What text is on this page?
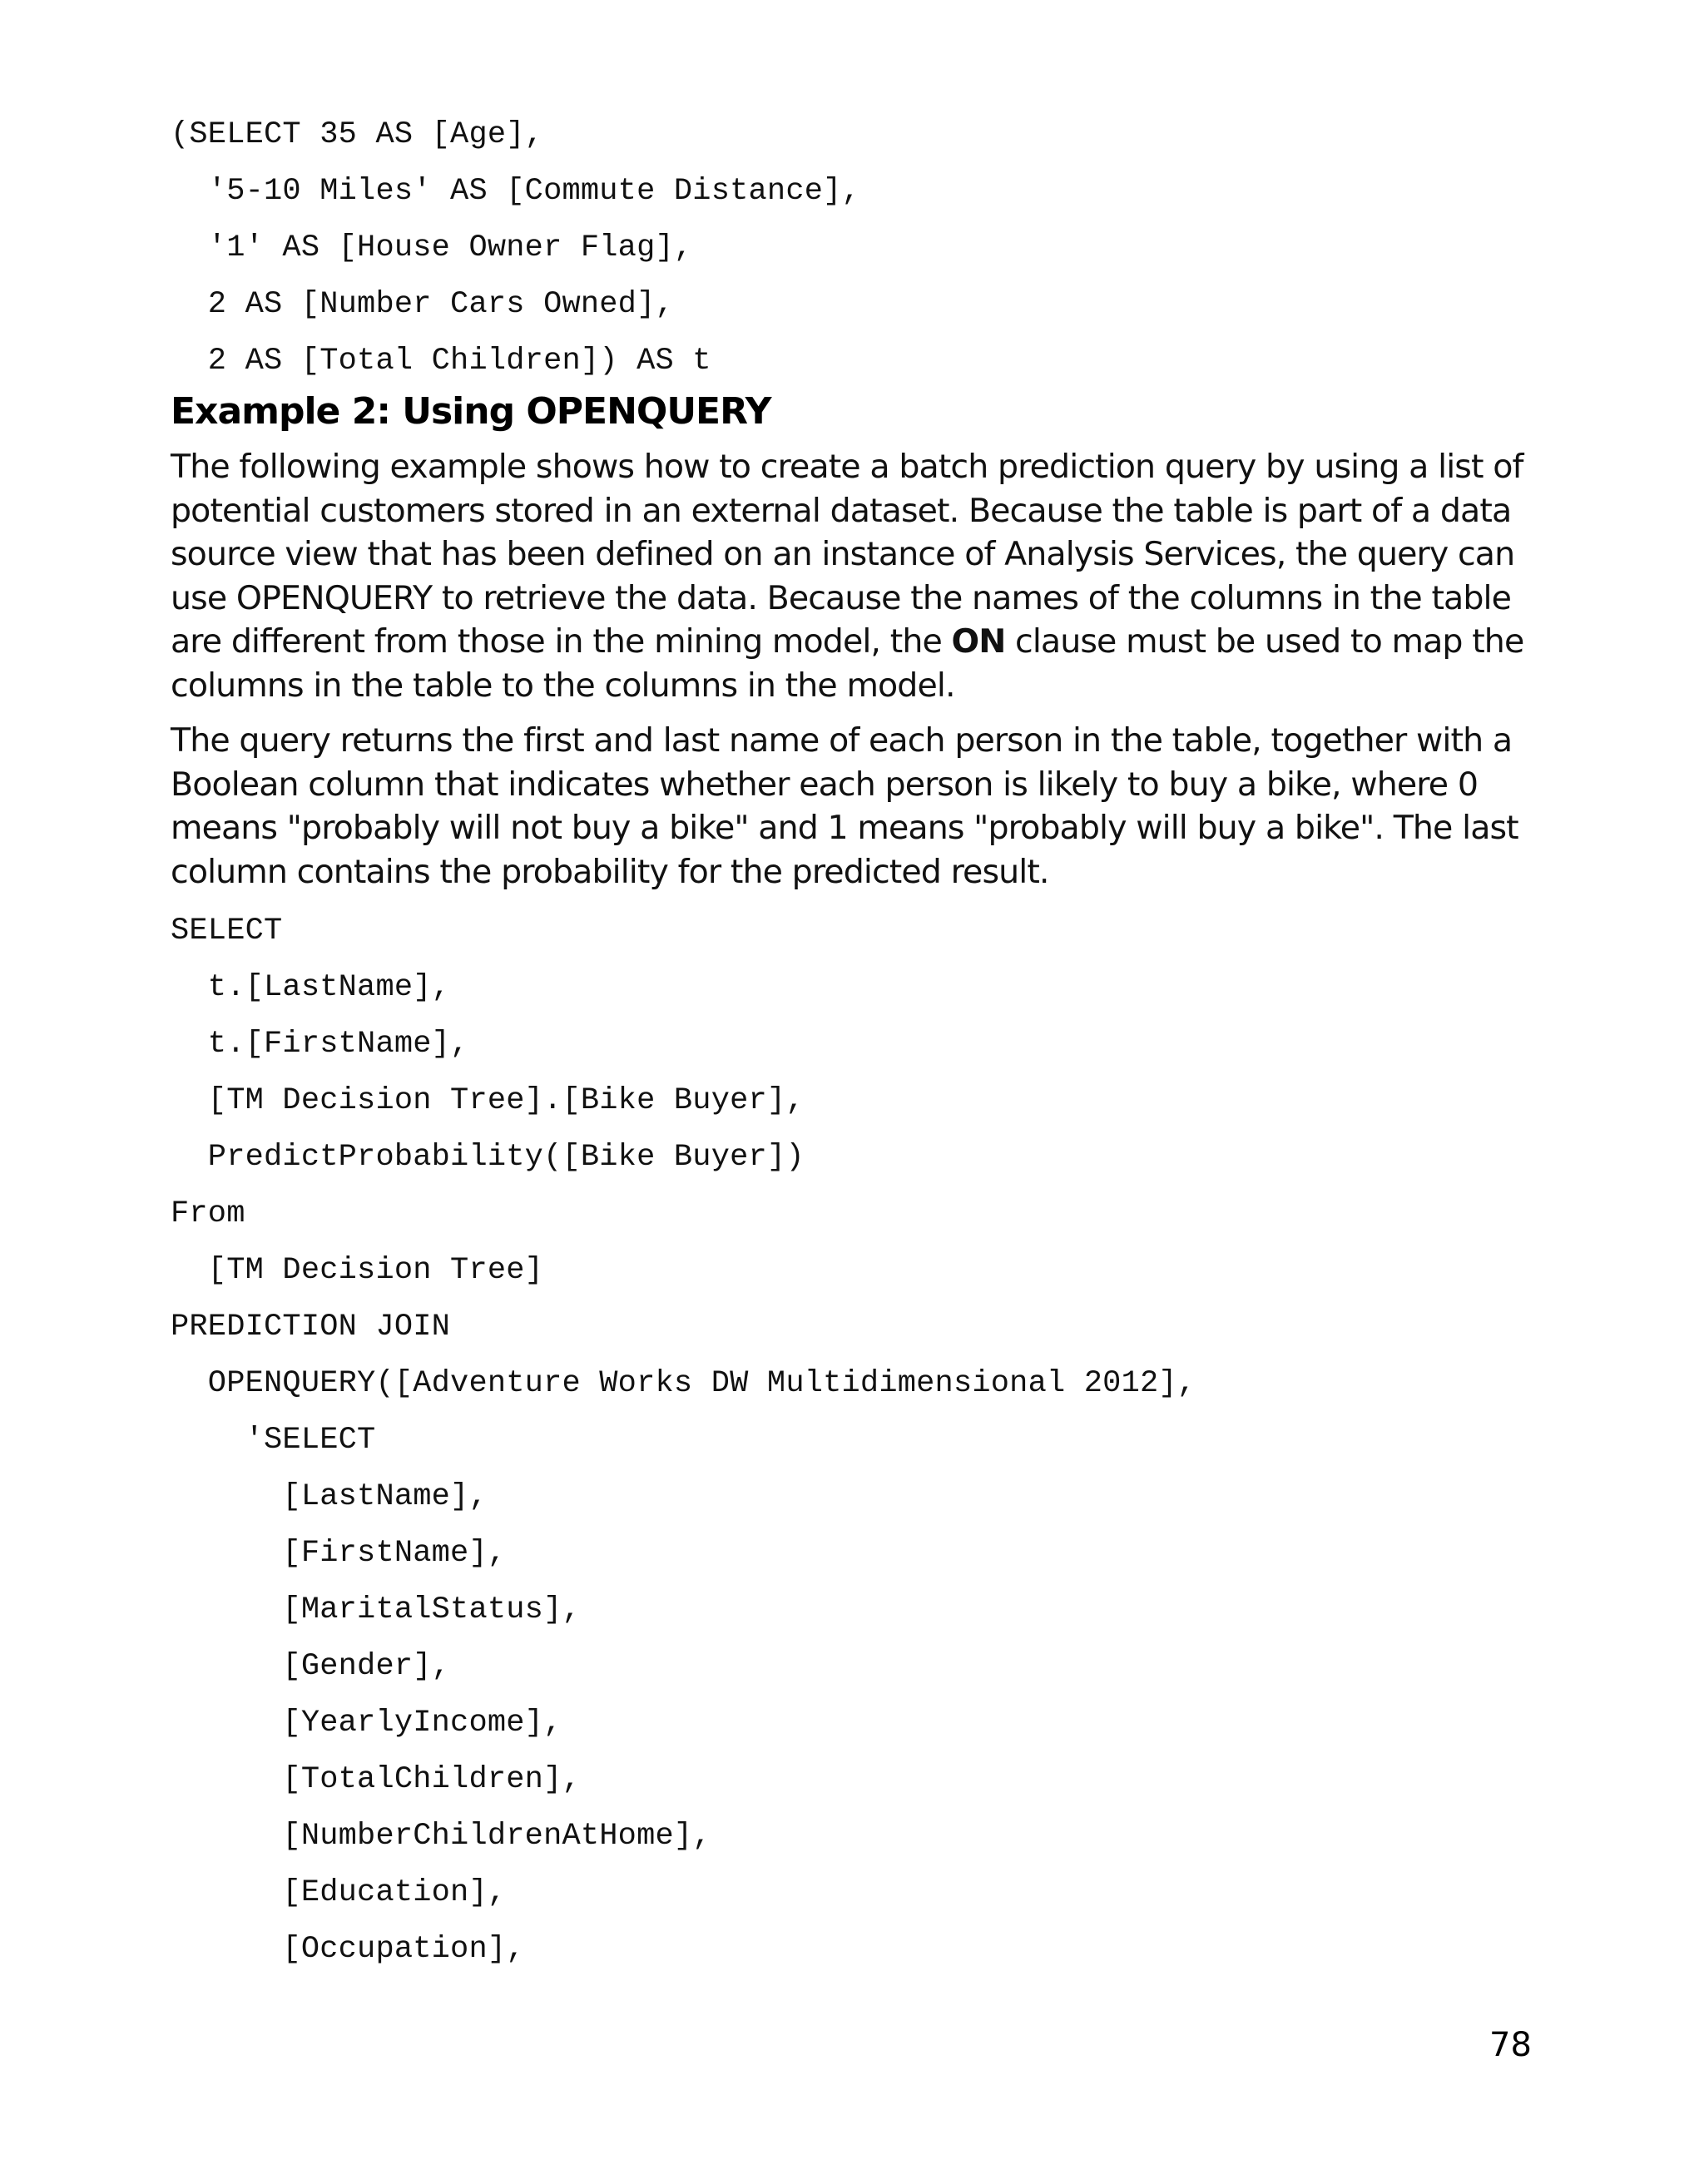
(SELECT 35 AS [Age],
'5-10 Miles' AS [Commute Distance],
'1' AS [House Owner Flag],
2 AS [Number Cars Owned],
2 AS [Total Children]) AS t
Example 2: Using OPENQUERY

The following example shows how to create a batch prediction query by using a list of potential customers stored in an external dataset. Because the table is part of a data source view that has been defined on an instance of Analysis Services, the query can use OPENQUERY to retrieve the data. Because the names of the columns in the table are different from those in the mining model, the ON clause must be used to map the columns in the table to the columns in the model.

The query returns the first and last name of each person in the table, together with a Boolean column that indicates whether each person is likely to buy a bike, where 0 means "probably will not buy a bike" and 1 means "probably will buy a bike". The last column contains the probability for the predicted result.

SELECT
t.[LastName],
t.[FirstName],
[TM Decision Tree].[Bike Buyer],
PredictProbability([Bike Buyer])
From
[TM Decision Tree]
PREDICTION JOIN
OPENQUERY([Adventure Works DW Multidimensional 2012],
'SELECT
[LastName],
[FirstName],
[MaritalStatus],
[Gender],
[YearlyIncome],
[TotalChildren],
[NumberChildrenAtHome],
[Education],
[Occupation],
78
